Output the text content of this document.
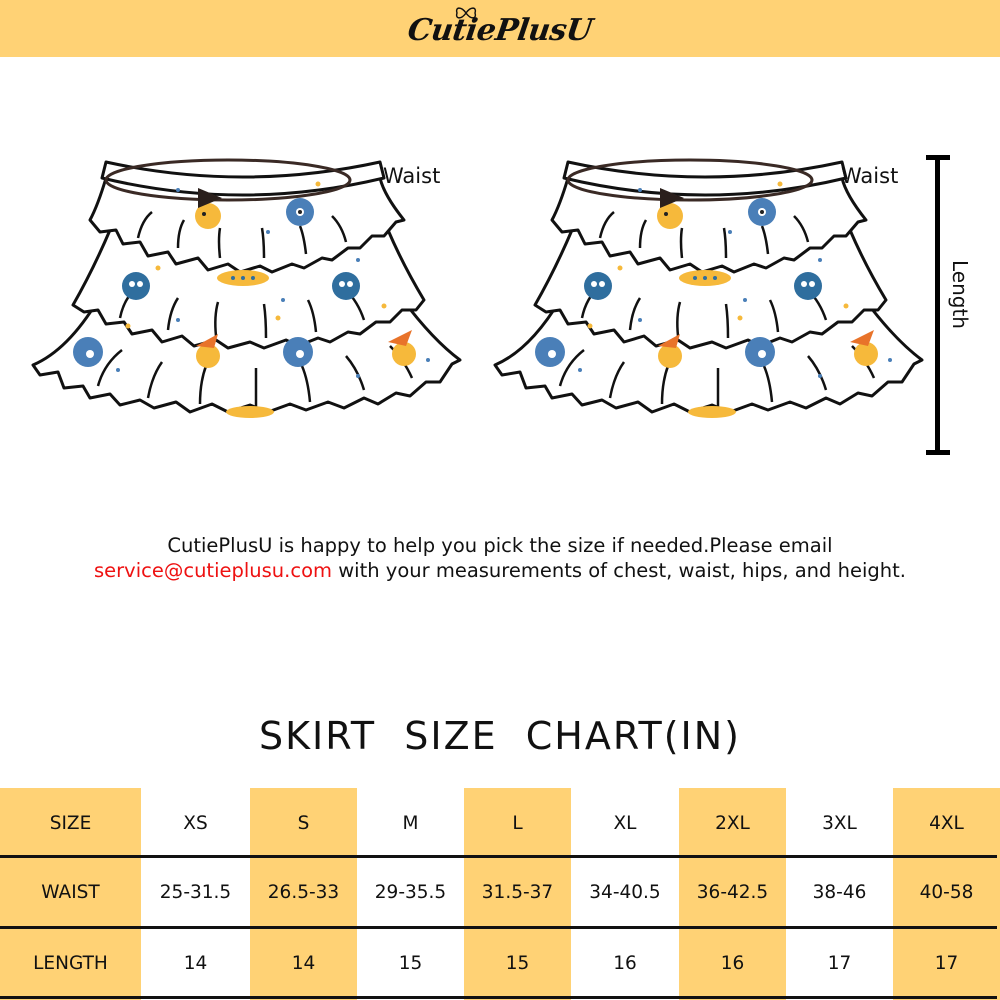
CutiePlusU
Waist	Waist
Length
CutiePlusU is happy to help you pick the size if needed.Please email
service@cutieplusu.com with your measurements of chest, waist, hips, and height.
SKIRT  SIZE  CHART(IN)
SIZE
WAIST
LENGTH
XS
25-31.5
14
S
26.5-33
14
M
29-35.5
15
L
31.5-37
15
XL
34-40.5
16
2XL
36-42.5
16
3XL
38-46
17
4XL
40-58
17
